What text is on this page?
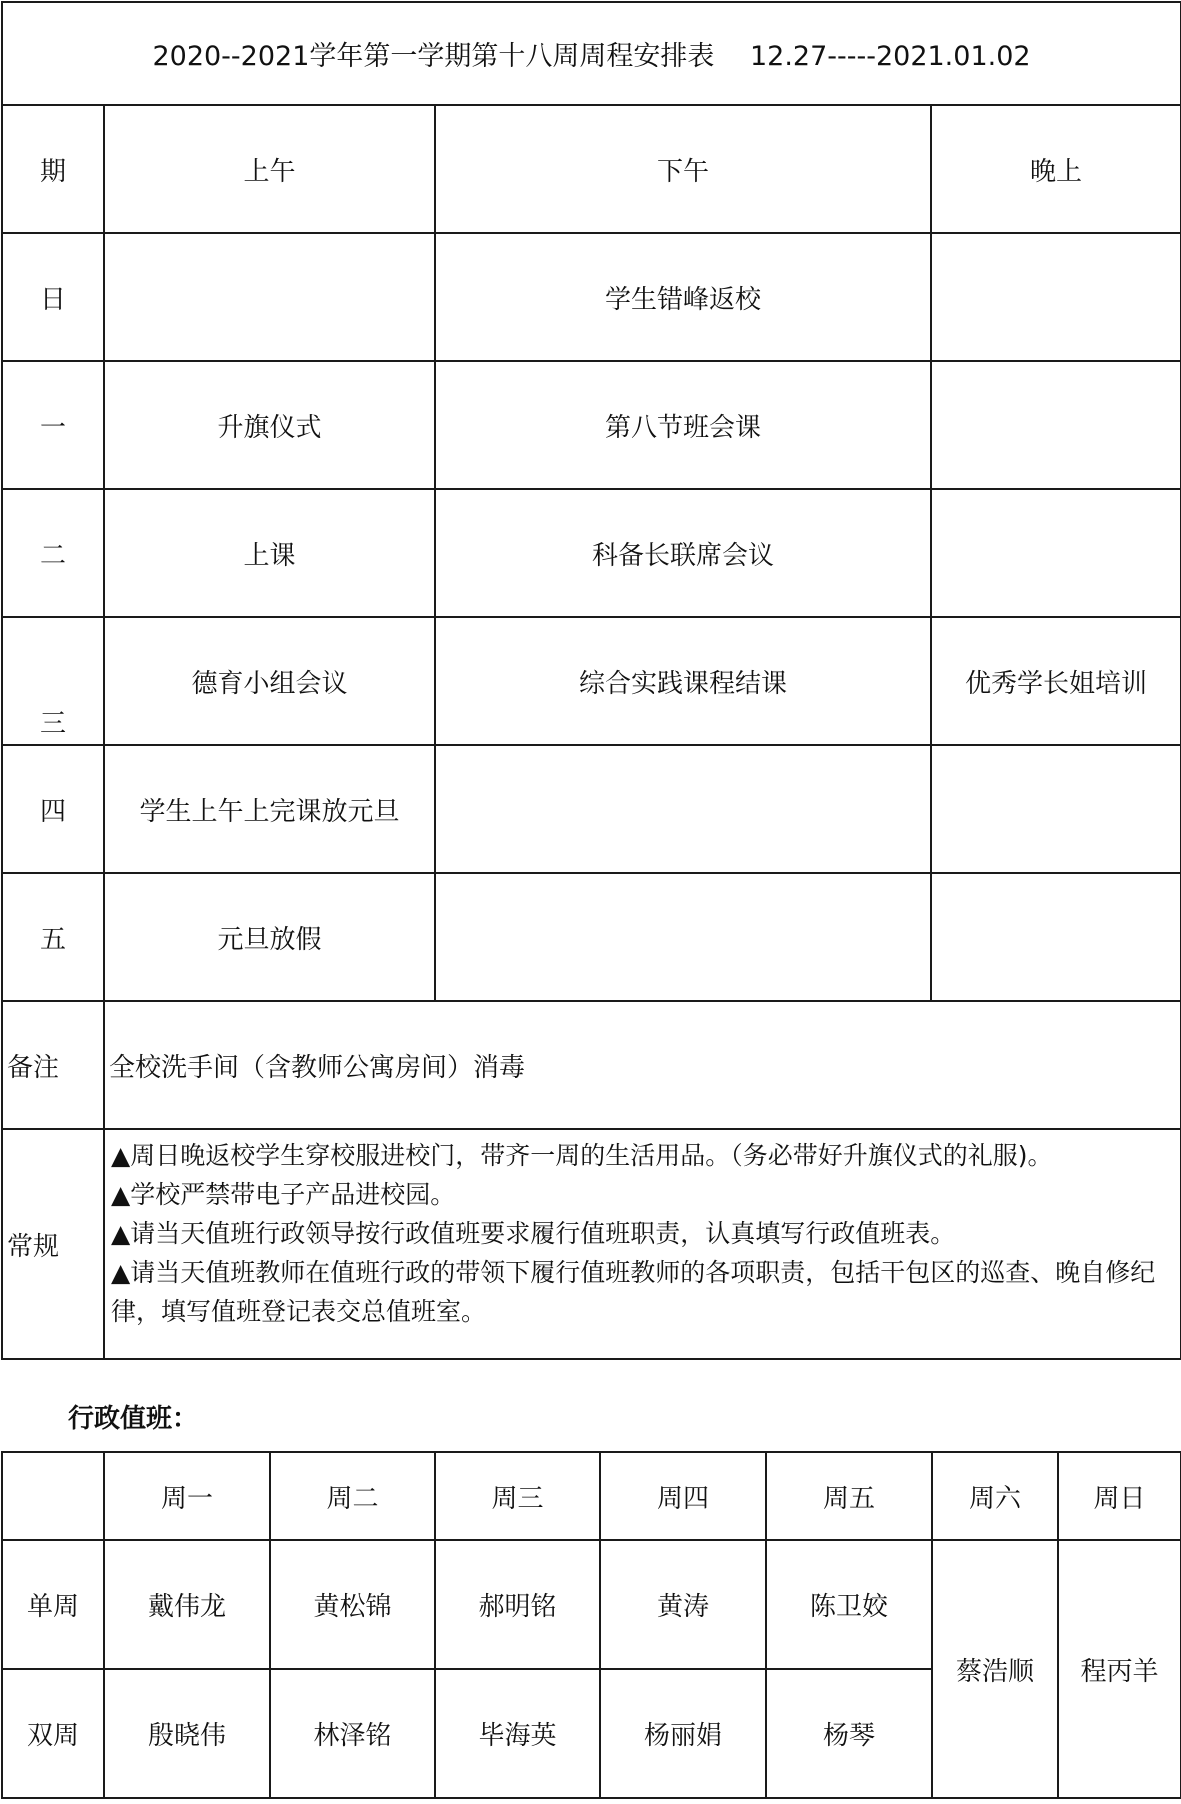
2020--2021学年第一学期第十八周周程安排表　 12.27-----2021.01.02			
期	上午	下午	晚上
日		学生错峰返校	
一	升旗仪式	第八节班会课	
二	上课	科备长联席会议	
三	德育小组会议	综合实践课程结课	优秀学长姐培训
四	学生上午上完课放元旦		
五	元旦放假		
备注	全校洗手间（含教师公寓房间）消毒		
常规	▲周日晚返校学生穿校服进校门，带齐一周的生活用品。（务必带好升旗仪式的礼服)。
▲学校严禁带电子产品进校园。
▲请当天值班行政领导按行政值班要求履行值班职责，认真填写行政值班表。
▲请当天值班教师在值班行政的带领下履行值班教师的各项职责，包括干包区的巡查、晚自修纪律，填写值班登记表交总值班室。		
行政值班：
	周一	周二	周三	周四	周五	周六	周日
单周	戴伟龙	黄松锦	郝明铭	黄涛	陈卫姣	蔡浩顺	程丙羊
双周	殷晓伟	林泽铭	毕海英	杨丽娟	杨琴		
